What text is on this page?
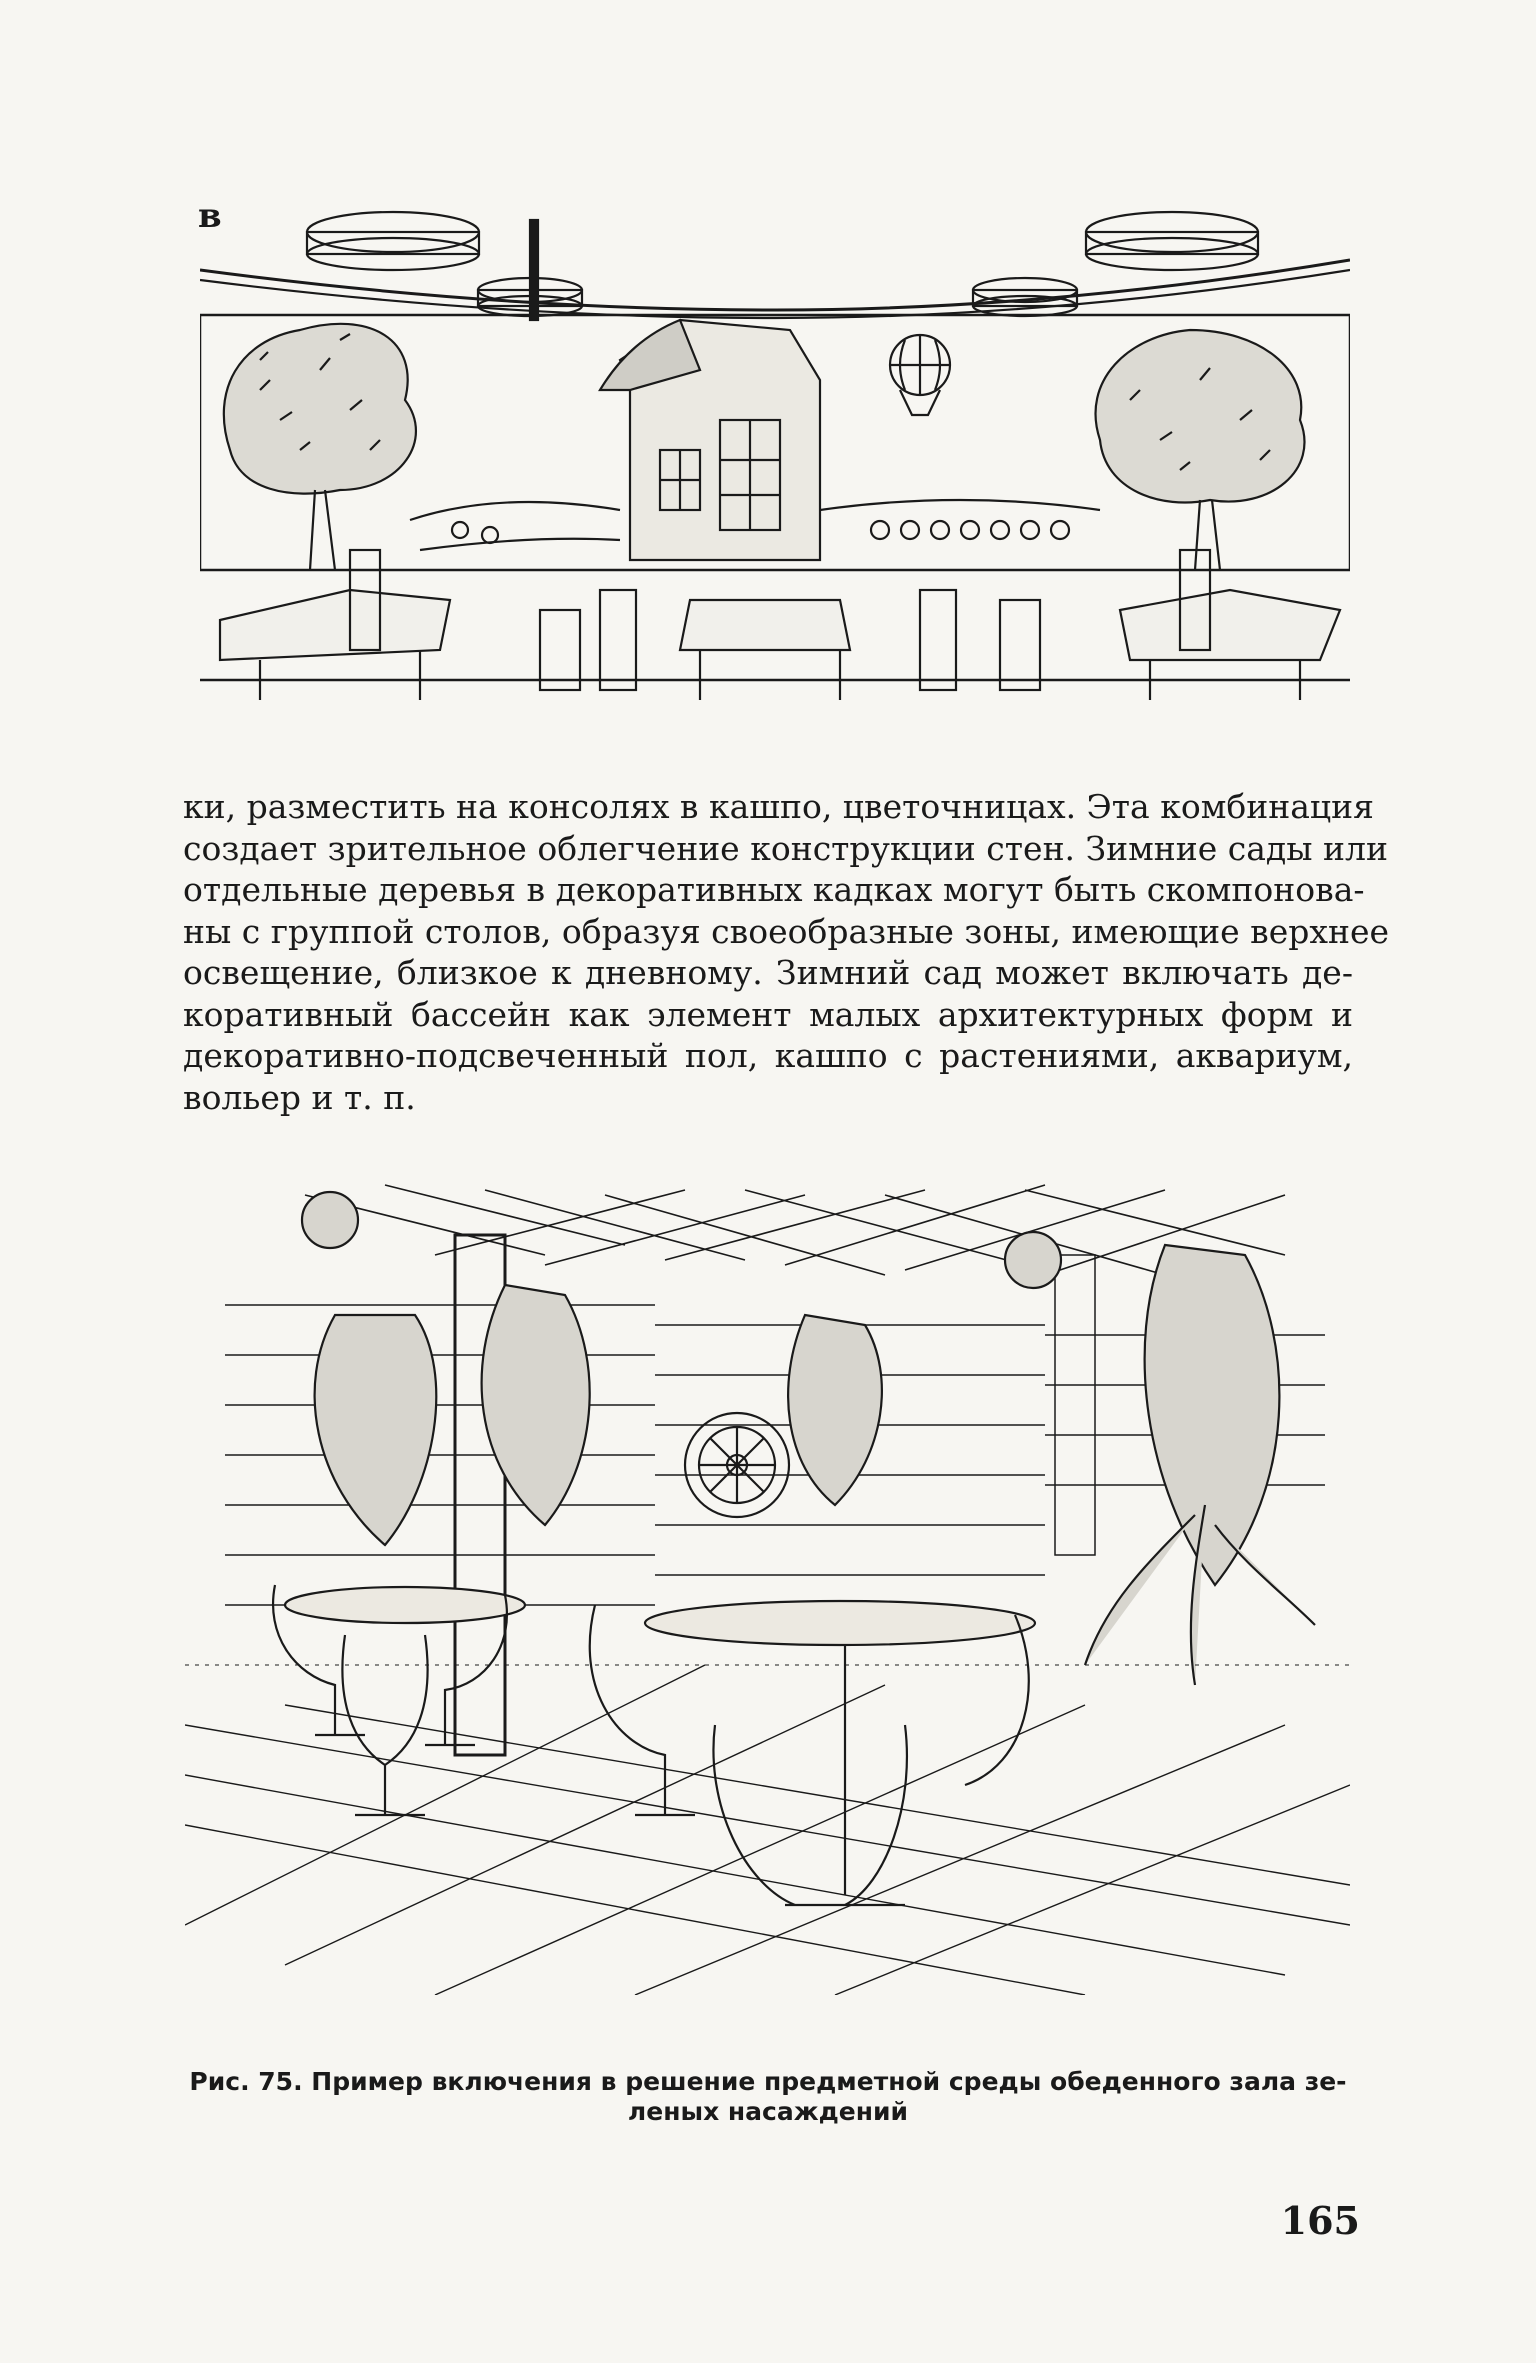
в
ки, разместить на консолях в кашпо, цветочницах. Эта комбинация
создает зрительное облегчение конструкции стен. Зимние сады или
отдельные деревья в декоративных кадках могут быть скомпонова-
ны с группой столов, образуя своеобразные зоны, имеющие верхнее
освещение, близкое к дневному. Зимний сад может включать де-
коративный бассейн как элемент малых архитектурных форм и
декоративно-подсвеченный пол, кашпо с растениями, аквариум,
вольер и т. п.
Рис. 75. Пример включения в решение предметной среды обеденного зала зе-
леных насаждений
165
